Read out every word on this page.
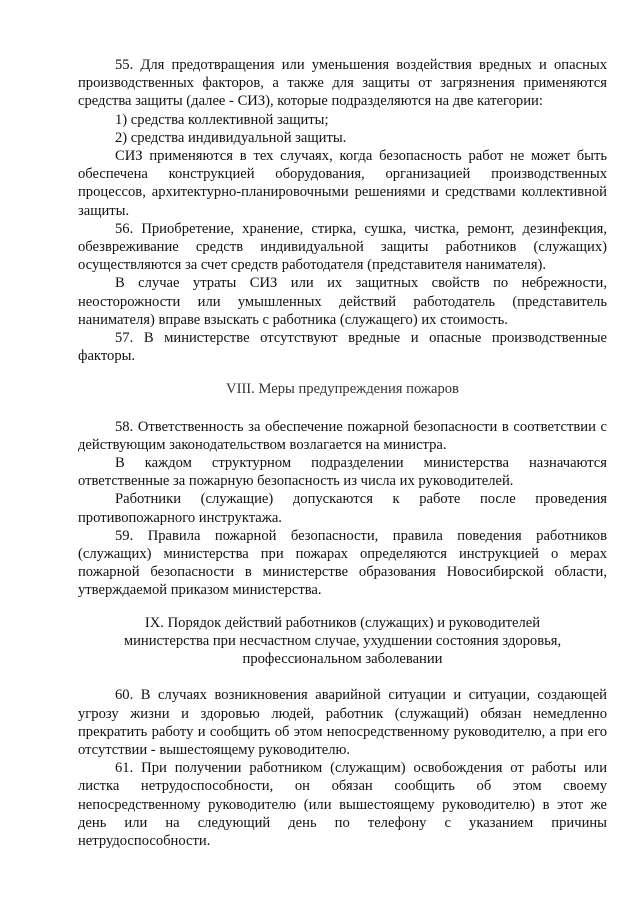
55. Для предотвращения или уменьшения воздействия вредных и опасных производственных факторов, а также для защиты от загрязнения применяются средства защиты (далее - СИЗ), которые подразделяются на две категории:

1) средства коллективной защиты;

2) средства индивидуальной защиты.

СИЗ применяются в тех случаях, когда безопасность работ не может быть обеспечена конструкцией оборудования, организацией производственных процессов, архитектурно-планировочными решениями и средствами коллективной защиты.

56. Приобретение, хранение, стирка, сушка, чистка, ремонт, дезинфекция, обезвреживание средств индивидуальной защиты работников (служащих) осуществляются за счет средств работодателя (представителя нанимателя).

В случае утраты СИЗ или их защитных свойств по небрежности, неосторожности или умышленных действий работодатель (представитель нанимателя) вправе взыскать с работника (служащего) их стоимость.

57. В министерстве отсутствуют вредные и опасные производственные факторы.

VIII. Меры предупреждения пожаров

58. Ответственность за обеспечение пожарной безопасности в соответствии с действующим законодательством возлагается на министра.

В каждом структурном подразделении министерства назначаются ответственные за пожарную безопасность из числа их руководителей.

Работники (служащие) допускаются к работе после проведения противопожарного инструктажа.

59. Правила пожарной безопасности, правила поведения работников (служащих) министерства при пожарах определяются инструкцией о мерах пожарной безопасности в министерстве образования Новосибирской области, утверждаемой приказом министерства.

IX. Порядок действий работников (служащих) и руководителей
министерства при несчастном случае, ухудшении состояния здоровья,
профессиональном заболевании

60. В случаях возникновения аварийной ситуации и ситуации, создающей угрозу жизни и здоровью людей, работник (служащий) обязан немедленно прекратить работу и сообщить об этом непосредственному руководителю, а при его отсутствии - вышестоящему руководителю.

61. При получении работником (служащим) освобождения от работы или листка нетрудоспособности, он обязан сообщить об этом своему непосредственному руководителю (или вышестоящему руководителю) в этот же день или на следующий день по телефону с указанием причины нетрудоспособности.
